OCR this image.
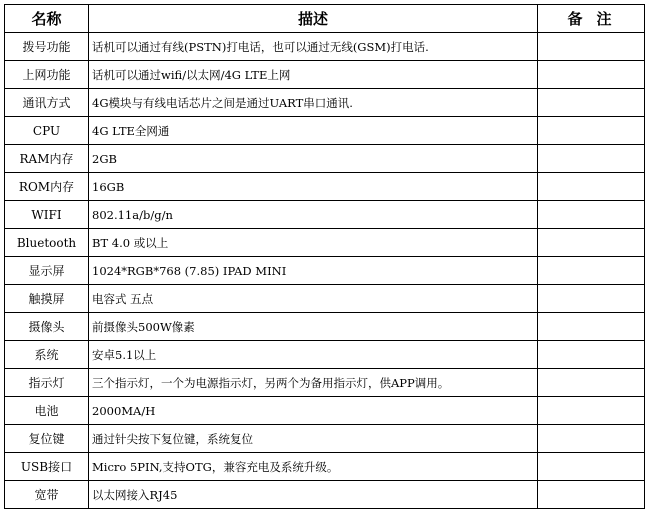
名称	描述	备注
拨号功能	话机可以通过有线(PSTN)打电话，也可以通过无线(GSM)打电话.	
上网功能	话机可以通过wifi/以太网/4G LTE上网	
通讯方式	4G模块与有线电话芯片之间是通过UART串口通讯.	
CPU	4G LTE全网通	
RAM内存	2GB	
ROM内存	16GB	
WIFI	802.11a/b/g/n	
Bluetooth	BT 4.0 或以上	
显示屏	1024*RGB*768 (7.85) IPAD MINI	
触摸屏	电容式 五点	
摄像头	前摄像头500W像素	
系统	安卓5.1以上	
指示灯	三个指示灯，一个为电源指示灯，另两个为备用指示灯，供APP调用。	
电池	2000MA/H	
复位键	通过针尖按下复位键，系统复位	
USB接口	Micro 5PIN,支持OTG，兼容充电及系统升级。	
宽带	以太网接入RJ45	
